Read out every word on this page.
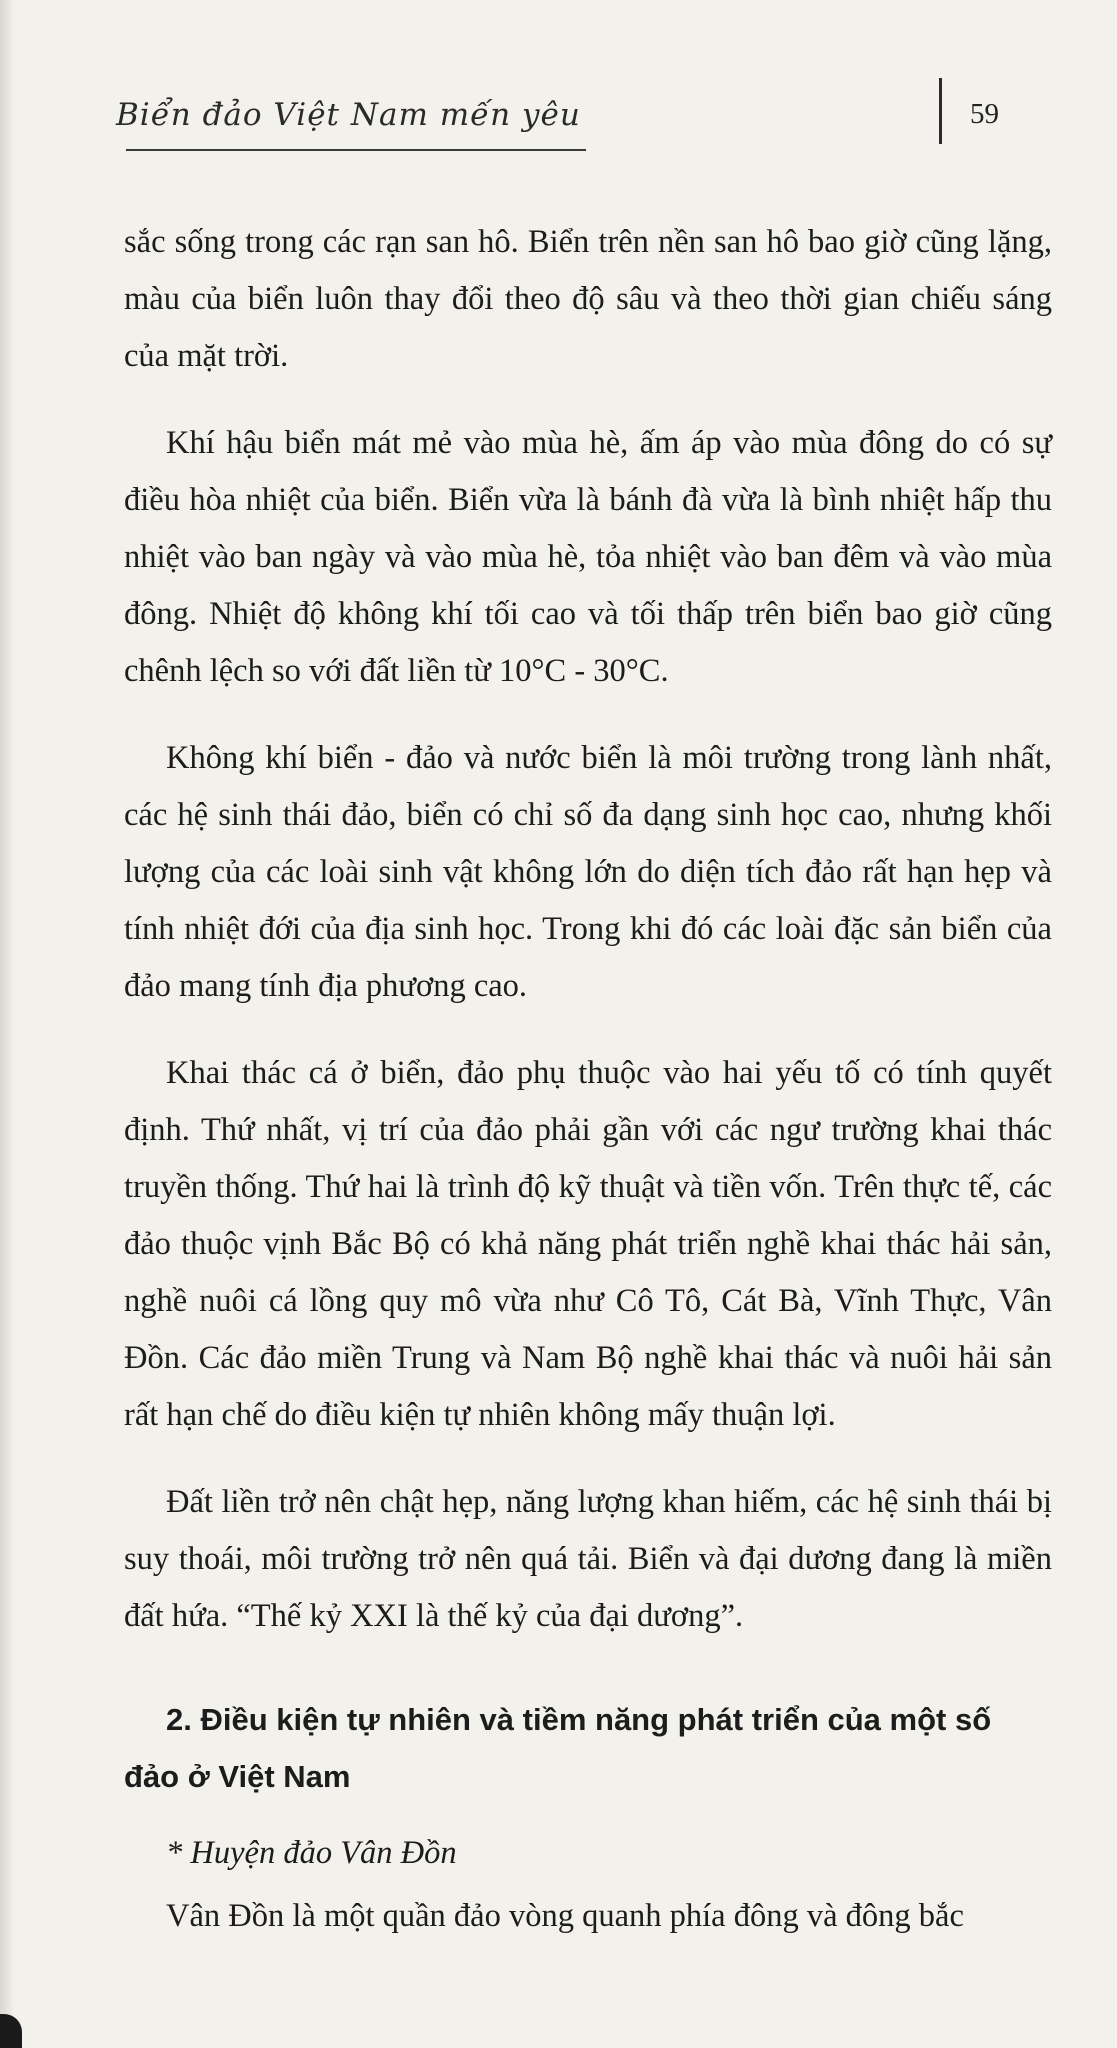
Biển đảo Việt Nam mến yêu	59

sắc sống trong các rạn san hô. Biển trên nền san hô bao giờ cũng lặng, màu của biển luôn thay đổi theo độ sâu và theo thời gian chiếu sáng của mặt trời.

Khí hậu biển mát mẻ vào mùa hè, ấm áp vào mùa đông do có sự điều hòa nhiệt của biển. Biển vừa là bánh đà vừa là bình nhiệt hấp thu nhiệt vào ban ngày và vào mùa hè, tỏa nhiệt vào ban đêm và vào mùa đông. Nhiệt độ không khí tối cao và tối thấp trên biển bao giờ cũng chênh lệch so với đất liền từ 10°C - 30°C.

Không khí biển - đảo và nước biển là môi trường trong lành nhất, các hệ sinh thái đảo, biển có chỉ số đa dạng sinh học cao, nhưng khối lượng của các loài sinh vật không lớn do diện tích đảo rất hạn hẹp và tính nhiệt đới của địa sinh học. Trong khi đó các loài đặc sản biển của đảo mang tính địa phương cao.

Khai thác cá ở biển, đảo phụ thuộc vào hai yếu tố có tính quyết định. Thứ nhất, vị trí của đảo phải gần với các ngư trường khai thác truyền thống. Thứ hai là trình độ kỹ thuật và tiền vốn. Trên thực tế, các đảo thuộc vịnh Bắc Bộ có khả năng phát triển nghề khai thác hải sản, nghề nuôi cá lồng quy mô vừa như Cô Tô, Cát Bà, Vĩnh Thực, Vân Đồn. Các đảo miền Trung và Nam Bộ nghề khai thác và nuôi hải sản rất hạn chế do điều kiện tự nhiên không mấy thuận lợi.

Đất liền trở nên chật hẹp, năng lượng khan hiếm, các hệ sinh thái bị suy thoái, môi trường trở nên quá tải. Biển và đại dương đang là miền đất hứa. “Thế kỷ XXI là thế kỷ của đại dương”.

2. Điều kiện tự nhiên và tiềm năng phát triển của một số đảo ở Việt Nam
* Huyện đảo Vân Đồn

Vân Đồn là một quần đảo vòng quanh phía đông và đông bắc
